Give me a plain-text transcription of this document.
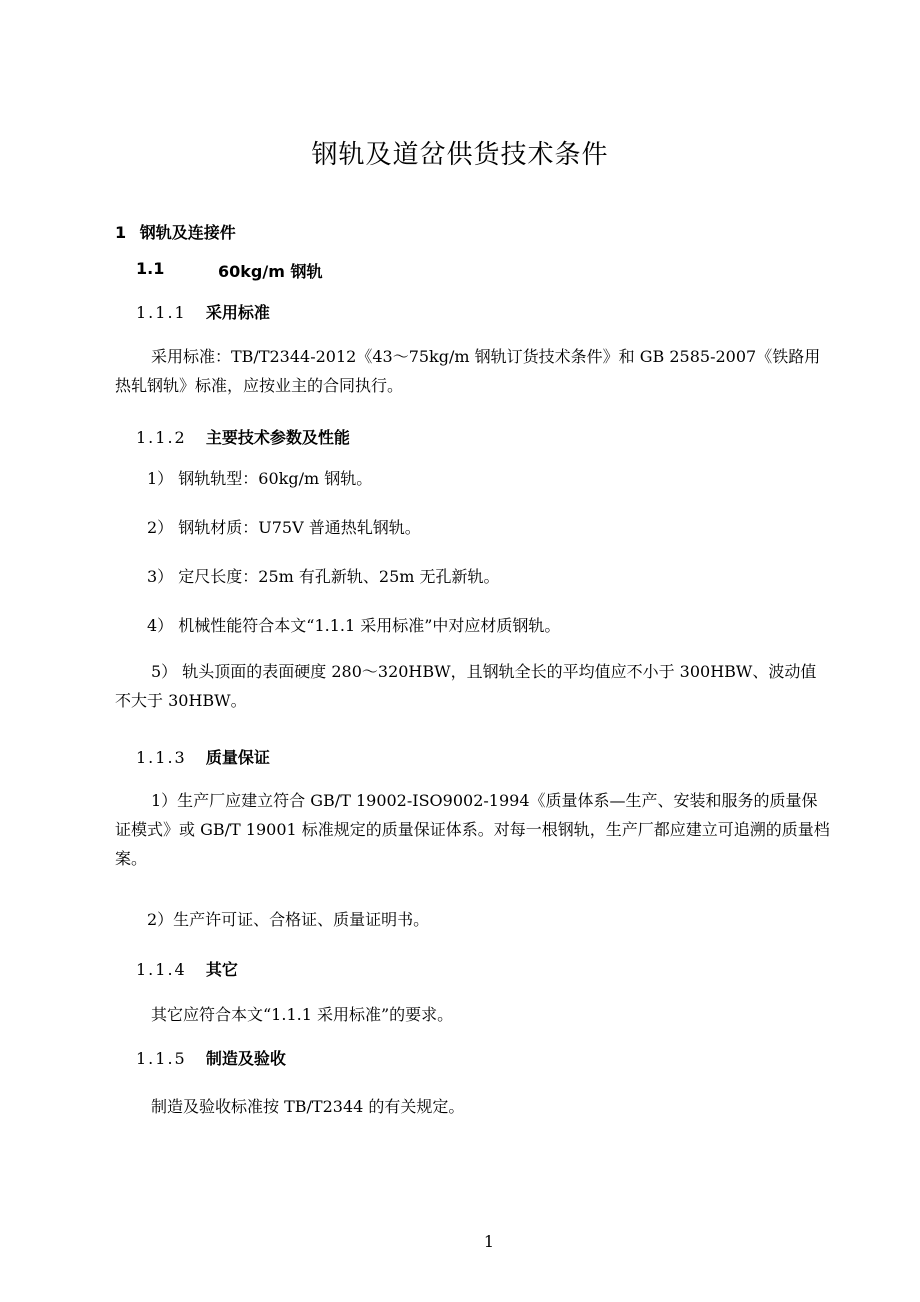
钢轨及道岔供货技术条件
1 钢轨及连接件
1.1	60kg/m 钢轨
1.1.1 采用标准
采用标准：TB/T2344-2012《43～75kg/m 钢轨订货技术条件》和 GB 2585-2007《铁路用热轧钢轨》标准，应按业主的合同执行。
1.1.2 主要技术参数及性能
1） 钢轨轨型：60kg/m 钢轨。
2） 钢轨材质：U75V 普通热轧钢轨。
3） 定尺长度：25m 有孔新轨、25m 无孔新轨。
4） 机械性能符合本文“1.1.1 采用标准”中对应材质钢轨。
5） 轨头顶面的表面硬度 280～320HBW，且钢轨全长的平均值应不小于 300HBW、波动值不大于 30HBW。
1.1.3 质量保证
1）生产厂应建立符合 GB/T 19002-ISO9002-1994《质量体系—生产、安装和服务的质量保证模式》或 GB/T 19001 标准规定的质量保证体系。对每一根钢轨，生产厂都应建立可追溯的质量档案。
2）生产许可证、合格证、质量证明书。
1.1.4 其它
其它应符合本文“1.1.1 采用标准”的要求。
1.1.5 制造及验收
制造及验收标准按 TB/T2344 的有关规定。
1
